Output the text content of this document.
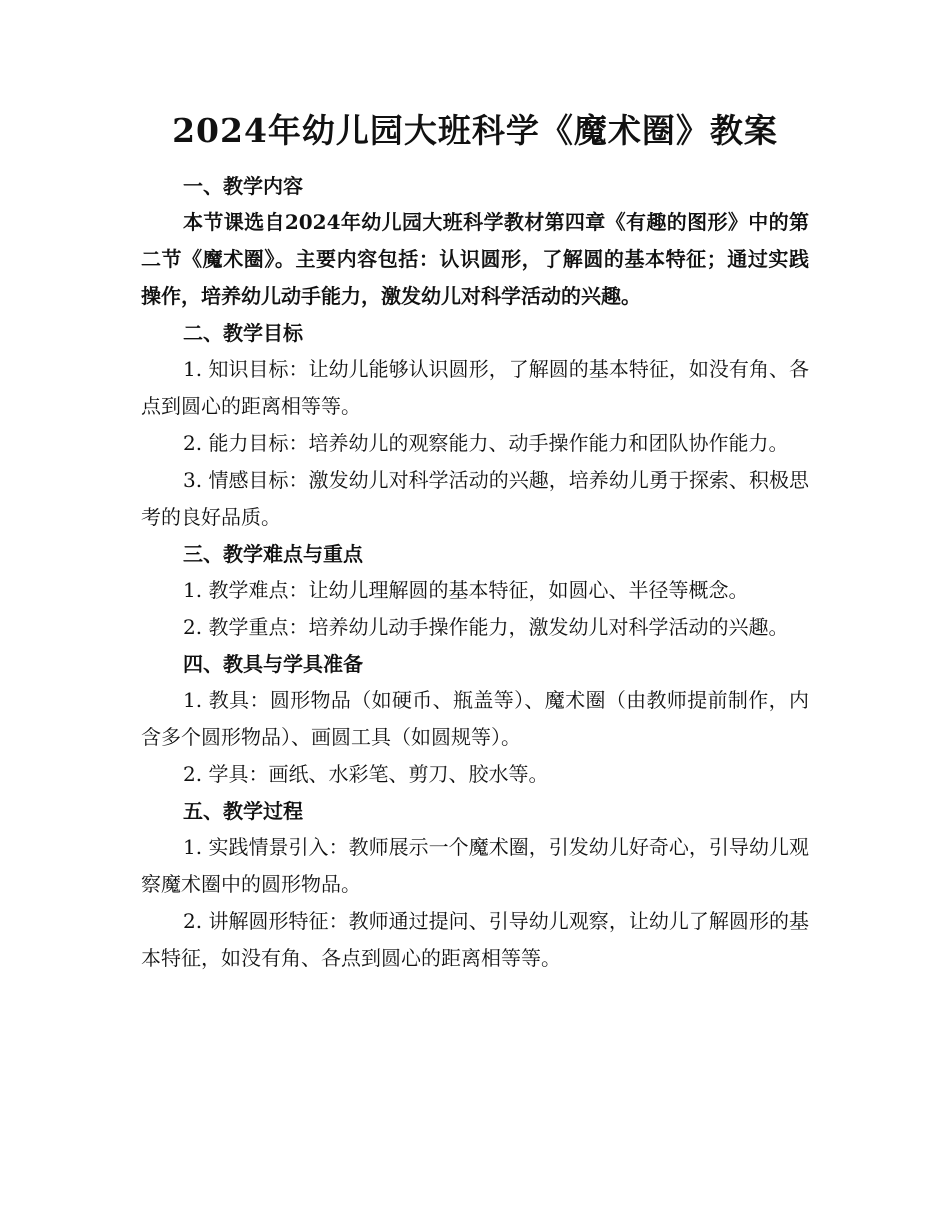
2024年幼儿园大班科学《魔术圈》教案
一、教学内容

本节课选自2024年幼儿园大班科学教材第四章《有趣的图形》中的第二节《魔术圈》。主要内容包括：认识圆形，了解圆的基本特征；通过实践操作，培养幼儿动手能力，激发幼儿对科学活动的兴趣。

二、教学目标

1. 知识目标：让幼儿能够认识圆形，了解圆的基本特征，如没有角、各点到圆心的距离相等等。

2. 能力目标：培养幼儿的观察能力、动手操作能力和团队协作能力。

3. 情感目标：激发幼儿对科学活动的兴趣，培养幼儿勇于探索、积极思考的良好品质。

三、教学难点与重点

1. 教学难点：让幼儿理解圆的基本特征，如圆心、半径等概念。

2. 教学重点：培养幼儿动手操作能力，激发幼儿对科学活动的兴趣。

四、教具与学具准备

1. 教具：圆形物品（如硬币、瓶盖等）、魔术圈（由教师提前制作，内含多个圆形物品）、画圆工具（如圆规等）。

2. 学具：画纸、水彩笔、剪刀、胶水等。

五、教学过程

1. 实践情景引入：教师展示一个魔术圈，引发幼儿好奇心，引导幼儿观察魔术圈中的圆形物品。

2. 讲解圆形特征：教师通过提问、引导幼儿观察，让幼儿了解圆形的基本特征，如没有角、各点到圆心的距离相等等。
